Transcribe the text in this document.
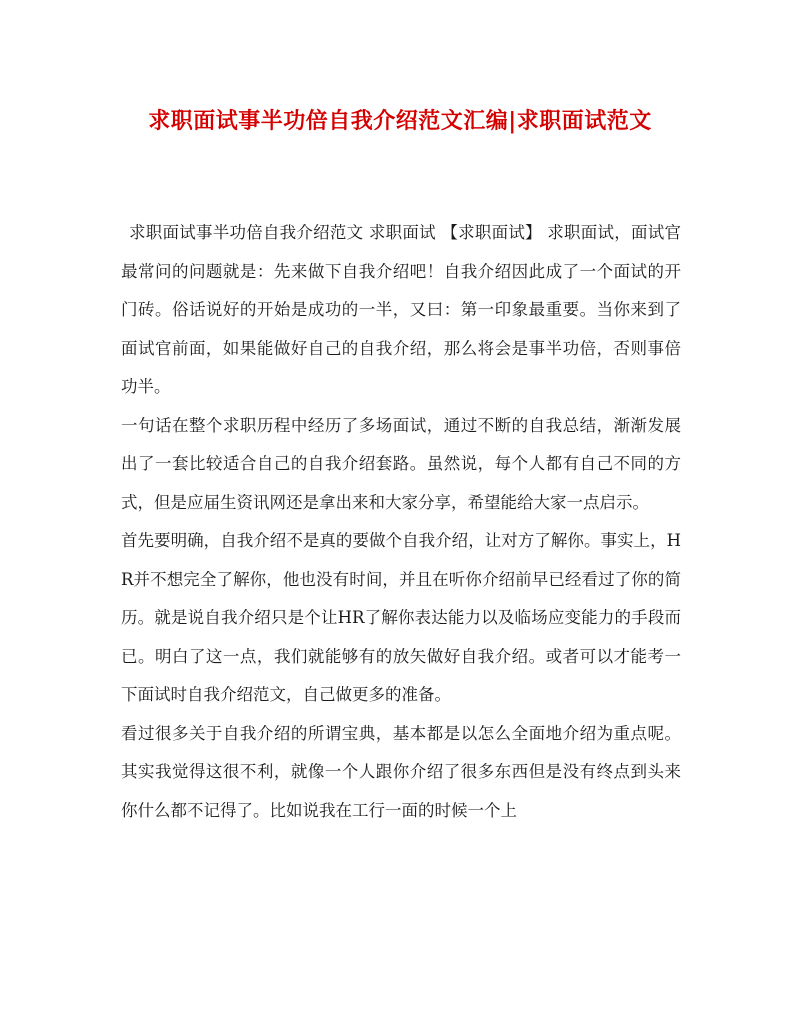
求职面试事半功倍自我介绍范文汇编|求职面试范文

求职面试事半功倍自我介绍范文 求职面试 【求职面试】 求职面试，面试官最常问的问题就是：先来做下自我介绍吧！自我介绍因此成了一个面试的开门砖。俗话说好的开始是成功的一半，又曰：第一印象最重要。当你来到了面试官前面，如果能做好自己的自我介绍，那么将会是事半功倍，否则事倍功半。

一句话在整个求职历程中经历了多场面试，通过不断的自我总结，渐渐发展出了一套比较适合自己的自我介绍套路。虽然说，每个人都有自己不同的方式，但是应届生资讯网还是拿出来和大家分享，希望能给大家一点启示。

首先要明确，自我介绍不是真的要做个自我介绍，让对方了解你。事实上，HR并不想完全了解你，他也没有时间，并且在听你介绍前早已经看过了你的简历。就是说自我介绍只是个让HR了解你表达能力以及临场应变能力的手段而已。明白了这一点，我们就能够有的放矢做好自我介绍。或者可以才能考一下面试时自我介绍范文，自己做更多的准备。

看过很多关于自我介绍的所谓宝典，基本都是以怎么全面地介绍为重点呢。其实我觉得这很不利，就像一个人跟你介绍了很多东西但是没有终点到头来你什么都不记得了。比如说我在工行一面的时候一个上
